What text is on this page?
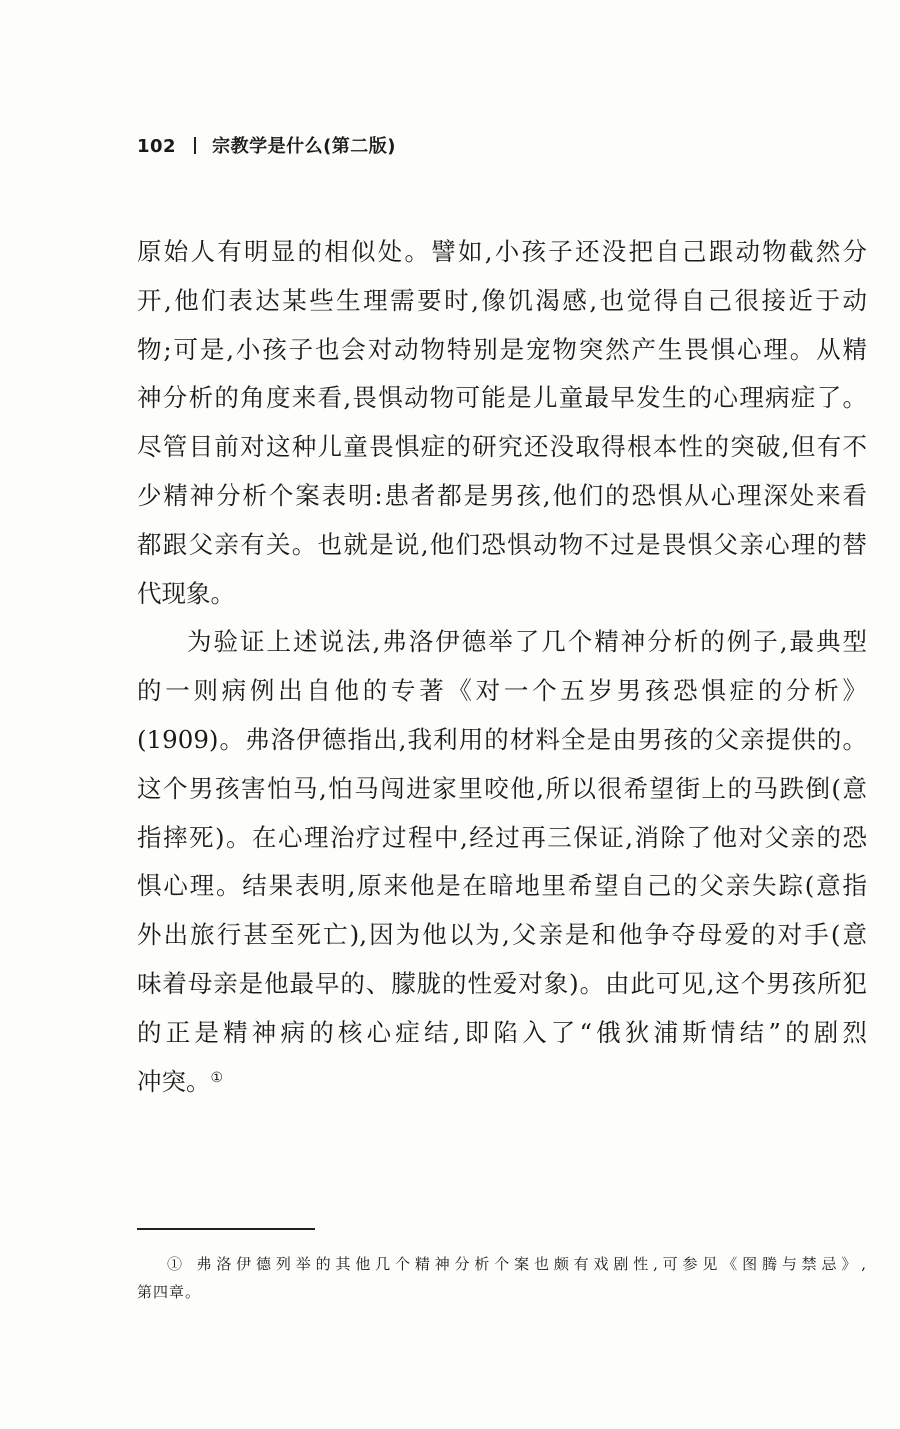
102 宗教学是什么(第二版)
原始人有明显的相似处。譬如,小孩子还没把自己跟动物截然分
开,他们表达某些生理需要时,像饥渴感,也觉得自己很接近于动
物;可是,小孩子也会对动物特别是宠物突然产生畏惧心理。从精
神分析的角度来看,畏惧动物可能是儿童最早发生的心理病症了。
尽管目前对这种儿童畏惧症的研究还没取得根本性的突破,但有不
少精神分析个案表明:患者都是男孩,他们的恐惧从心理深处来看
都跟父亲有关。也就是说,他们恐惧动物不过是畏惧父亲心理的替
代现象。
为验证上述说法,弗洛伊德举了几个精神分析的例子,最典型
的一则病例出自他的专著《对一个五岁男孩恐惧症的分析》
(1909)。弗洛伊德指出,我利用的材料全是由男孩的父亲提供的。
这个男孩害怕马,怕马闯进家里咬他,所以很希望街上的马跌倒(意
指摔死)。在心理治疗过程中,经过再三保证,消除了他对父亲的恐
惧心理。结果表明,原来他是在暗地里希望自己的父亲失踪(意指
外出旅行甚至死亡),因为他以为,父亲是和他争夺母爱的对手(意
味着母亲是他最早的、朦胧的性爱对象)。由此可见,这个男孩所犯
的正是精神病的核心症结,即陷入了“俄狄浦斯情结”的剧烈
冲突。①
① 弗洛伊德列举的其他几个精神分析个案也颇有戏剧性,可参见《图腾与禁忌》,
第四章。
